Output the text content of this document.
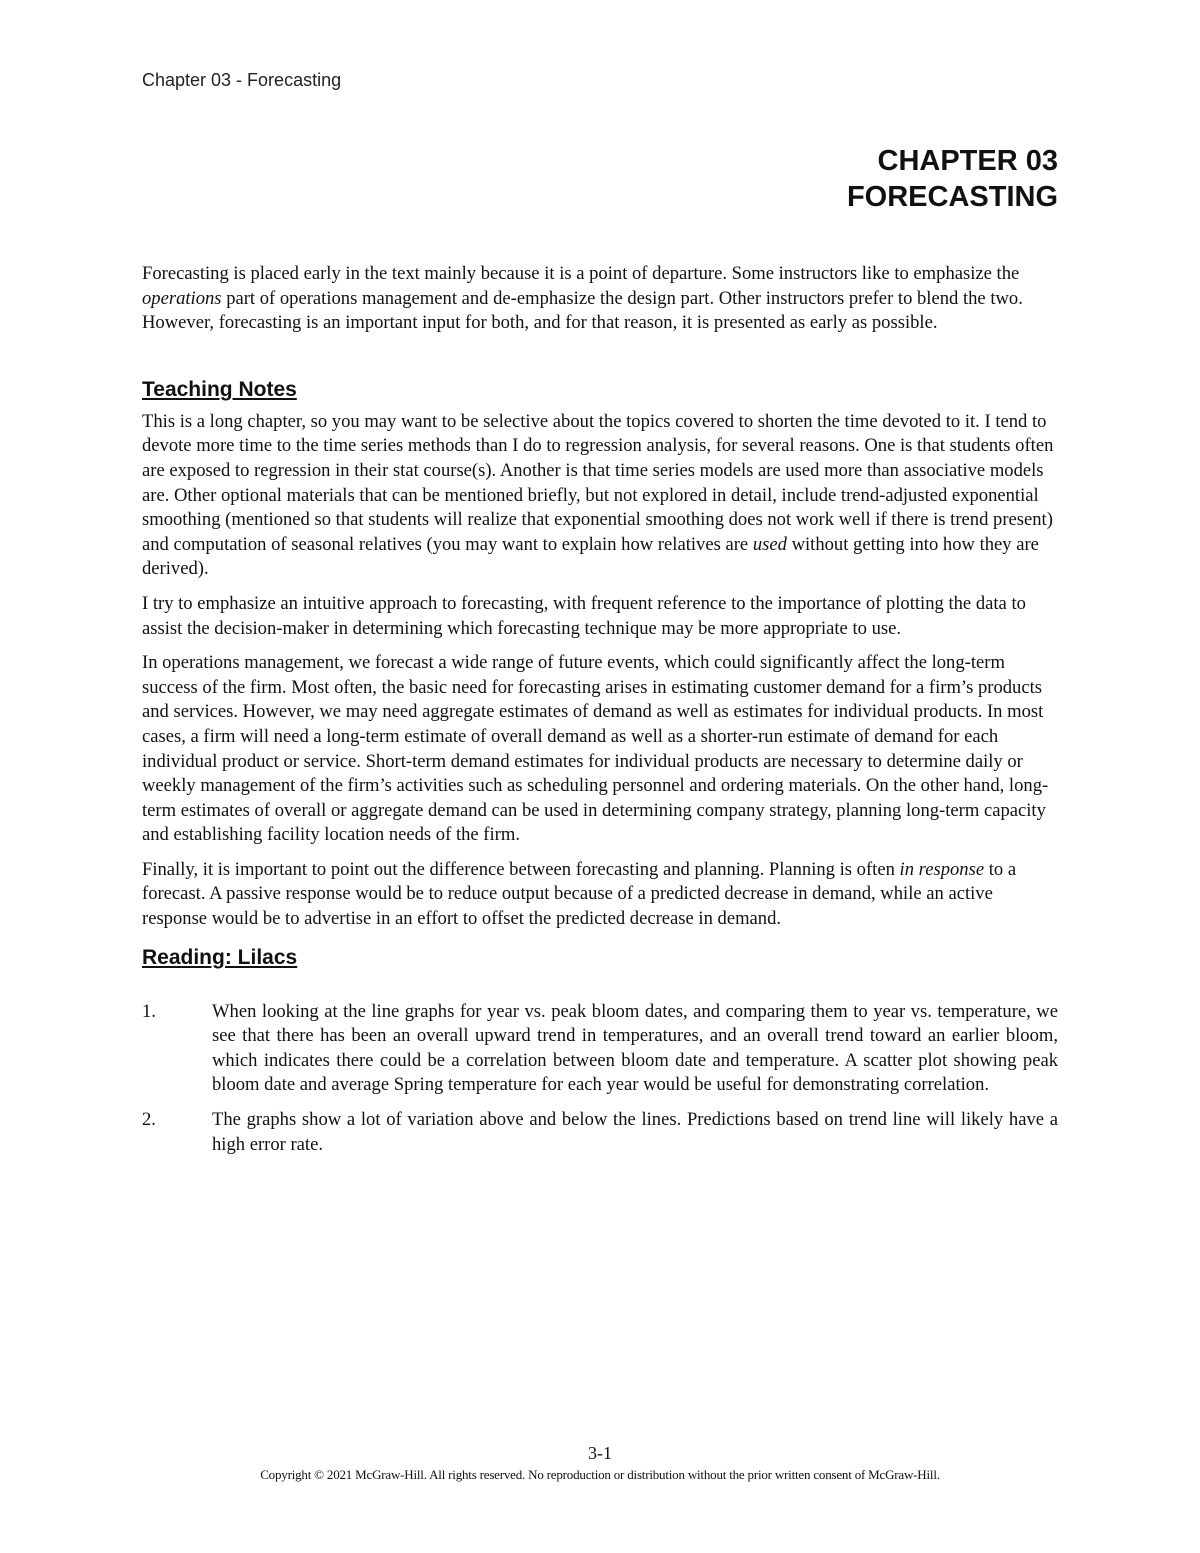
Chapter 03 - Forecasting
CHAPTER 03
FORECASTING

Forecasting is placed early in the text mainly because it is a point of departure. Some instructors like to emphasize the operations part of operations management and de-emphasize the design part. Other instructors prefer to blend the two. However, forecasting is an important input for both, and for that reason, it is presented as early as possible.

Teaching Notes

This is a long chapter, so you may want to be selective about the topics covered to shorten the time devoted to it. I tend to devote more time to the time series methods than I do to regression analysis, for several reasons. One is that students often are exposed to regression in their stat course(s). Another is that time series models are used more than associative models are. Other optional materials that can be mentioned briefly, but not explored in detail, include trend-adjusted exponential smoothing (mentioned so that students will realize that exponential smoothing does not work well if there is trend present) and computation of seasonal relatives (you may want to explain how relatives are used without getting into how they are derived).

I try to emphasize an intuitive approach to forecasting, with frequent reference to the importance of plotting the data to assist the decision-maker in determining which forecasting technique may be more appropriate to use.

In operations management, we forecast a wide range of future events, which could significantly affect the long-term success of the firm. Most often, the basic need for forecasting arises in estimating customer demand for a firm’s products and services. However, we may need aggregate estimates of demand as well as estimates for individual products. In most cases, a firm will need a long-term estimate of overall demand as well as a shorter-run estimate of demand for each individual product or service. Short-term demand estimates for individual products are necessary to determine daily or weekly management of the firm’s activities such as scheduling personnel and ordering materials. On the other hand, long-term estimates of overall or aggregate demand can be used in determining company strategy, planning long-term capacity and establishing facility location needs of the firm.

Finally, it is important to point out the difference between forecasting and planning. Planning is often in response to a forecast. A passive response would be to reduce output because of a predicted decrease in demand, while an active response would be to advertise in an effort to offset the predicted decrease in demand.

Reading: Lilacs
1.	When looking at the line graphs for year vs. peak bloom dates, and comparing them to year vs. temperature, we see that there has been an overall upward trend in temperatures, and an overall trend toward an earlier bloom, which indicates there could be a correlation between bloom date and temperature. A scatter plot showing peak bloom date and average Spring temperature for each year would be useful for demonstrating correlation.
2.	The graphs show a lot of variation above and below the lines. Predictions based on trend line will likely have a high error rate.
3-1
Copyright © 2021 McGraw-Hill. All rights reserved. No reproduction or distribution without the prior written consent of McGraw-Hill.
